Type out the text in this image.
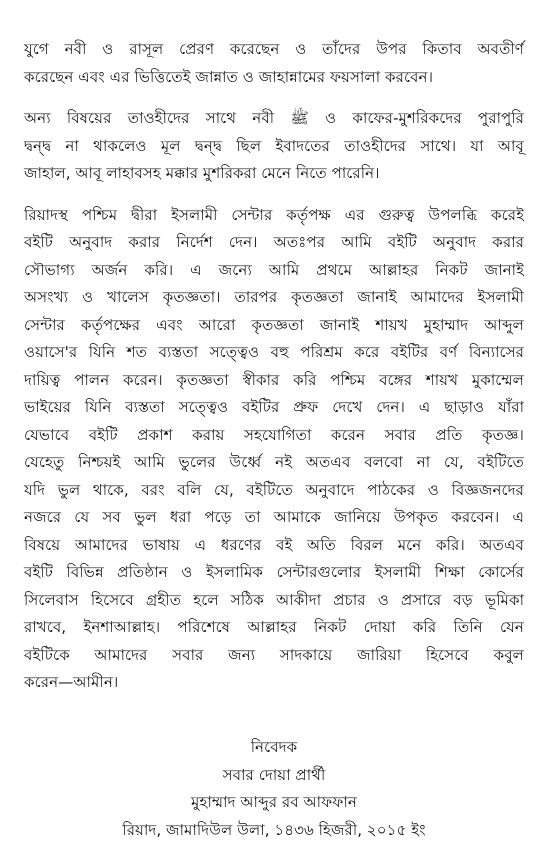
যুগে নবী ও রাসূল প্রেরণ করেছেন ও তাঁদের উপর কিতাব অবতীর্ণ
করেছেন এবং এর ভিত্তিতেই জান্নাত ও জাহান্নামের ফয়সালা করবেন।
অন্য বিষয়ের তাওহীদের সাথে নবী ﷺ ও কাফের-মুশরিকদের পুরাপুরি
দ্বন্দ্ব না থাকলেও মূল দ্বন্দ্ব ছিল ইবাদতের তাওহীদের সাথে। যা আবূ
জাহাল, আবূ লাহাবসহ মক্কার মুশরিকরা মেনে নিতে পারেনি।
রিয়াদস্থ পশ্চিম দ্বীরা ইসলামী সেন্টার কর্তৃপক্ষ এর গুরুত্ব উপলব্ধি করেই
বইটি অনুবাদ করার নির্দেশ দেন। অতঃপর আমি বইটি অনুবাদ করার
সৌভাগ্য অর্জন করি। এ জন্যে আমি প্রথমে আল্লাহর নিকট জানাই
অসংখ্য ও খালেস কৃতজ্ঞতা। তারপর কৃতজ্ঞতা জানাই আমাদের ইসলামী
সেন্টার কর্তৃপক্ষের এবং আরো কৃতজ্ঞতা জানাই শায়খ মুহাম্মাদ আব্দুল
ওয়াসে'র যিনি শত ব্যস্ততা সত্ত্বেও বহু পরিশ্রম করে বইটির বর্ণ বিন্যাসের
দায়িত্ব পালন করেন। কৃতজ্ঞতা স্বীকার করি পশ্চিম বঙ্গের শায়খ মুকাম্মেল
ভাইয়ের যিনি ব্যস্ততা সত্ত্বেও বইটির প্রুফ দেখে দেন। এ ছাড়াও যাঁরা
যেভাবে বইটি প্রকাশ করায় সহযোগিতা করেন সবার প্রতি কৃতজ্ঞ।
যেহেতু নিশ্চয়ই আমি ভুলের উর্ধ্বে নই অতএব বলবো না যে, বইটিতে
যদি ভুল থাকে, বরং বলি যে, বইটিতে অনুবাদে পাঠকের ও বিজ্ঞজনদের
নজরে যে সব ভুল ধরা পড়ে তা আমাকে জানিয়ে উপকৃত করবেন। এ
বিষয়ে আমাদের ভাষায় এ ধরণের বই অতি বিরল মনে করি। অতএব
বইটি বিভিন্ন প্রতিষ্ঠান ও ইসলামিক সেন্টারগুলোর ইসলামী শিক্ষা কোর্সের
সিলেবাস হিসেবে গ্রহীত হলে সঠিক আকীদা প্রচার ও প্রসারে বড় ভূমিকা
রাখবে, ইনশাআল্লাহ। পরিশেষে আল্লাহর নিকট দোয়া করি তিনি যেন
বইটিকে আমাদের সবার জন্য সাদকায়ে জারিয়া হিসেবে কবুল
করেন—আমীন।
নিবেদক
সবার দোয়া প্রার্থী
মুহাম্মাদ আব্দুর রব আফফান
রিয়াদ, জামাদিউল উলা, ১৪৩৬ হিজরী, ২০১৫ ইং
